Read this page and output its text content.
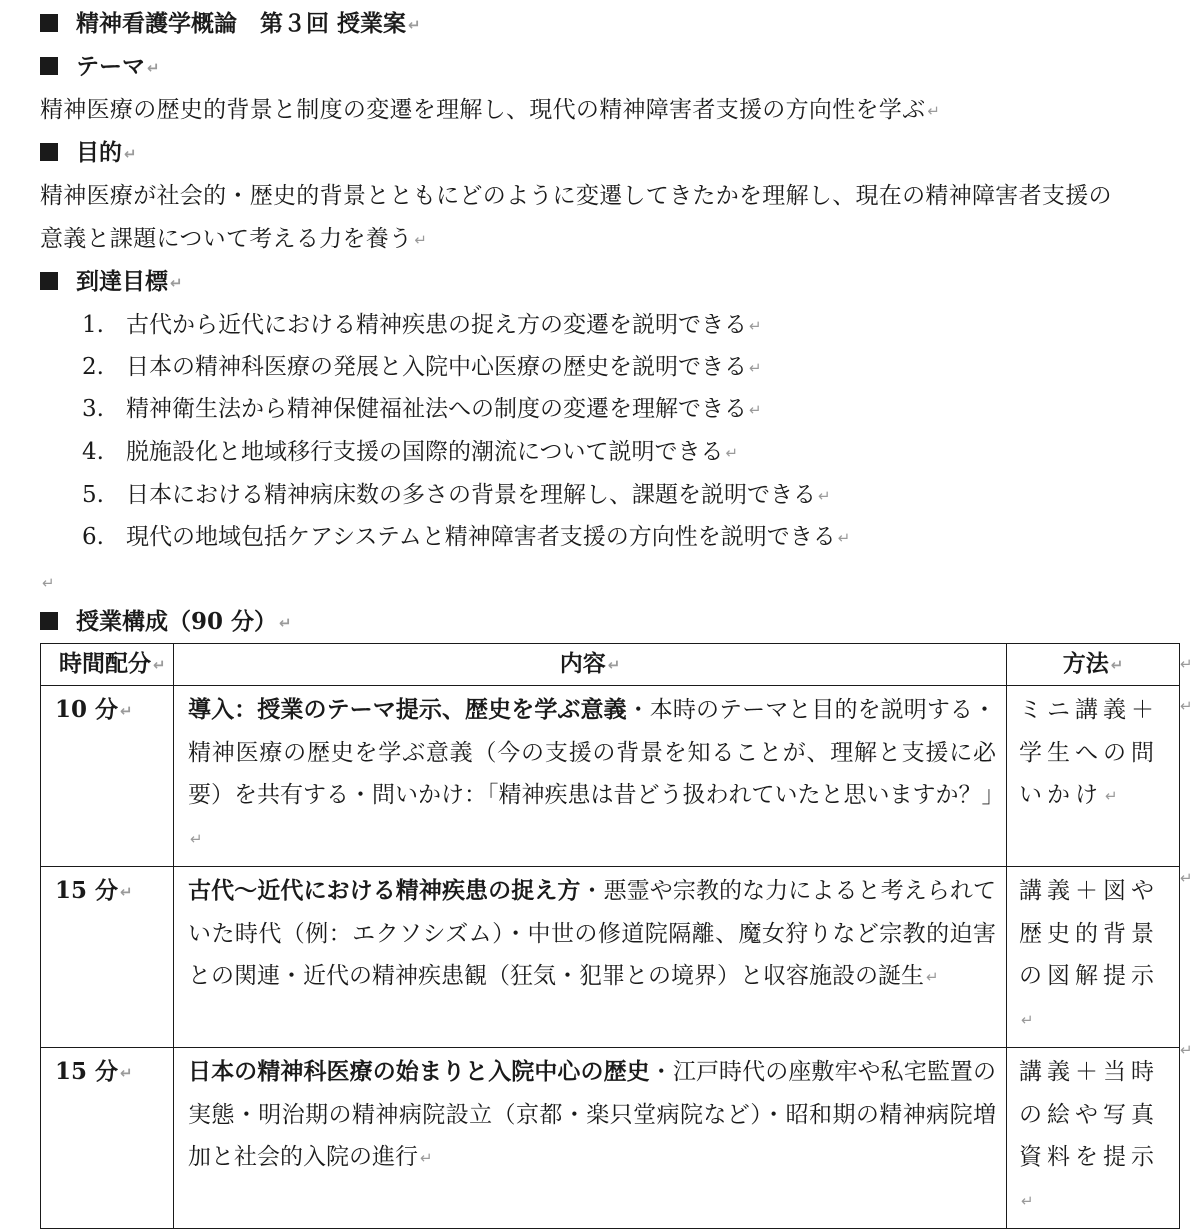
精神看護学概論　第３回 授業案 ↵
テーマ ↵
精神医療の歴史的背景と制度の変遷を理解し、現代の精神障害者支援の方向性を学ぶ ↵
目的 ↵
精神医療が社会的・歴史的背景とともにどのように変遷してきたかを理解し、現在の精神障害者支援の
意義と課題について考える力を養う ↵
到達目標 ↵
1. 古代から近代における精神疾患の捉え方の変遷を説明できる ↵
2. 日本の精神科医療の発展と入院中心医療の歴史を説明できる ↵
3. 精神衛生法から精神保健福祉法への制度の変遷を理解できる ↵
4. 脱施設化と地域移行支援の国際的潮流について説明できる ↵
5. 日本における精神病床数の多さの背景を理解し、課題を説明できる ↵
6. 現代の地域包括ケアシステムと精神障害者支援の方向性を説明できる ↵
↵
授業構成（90 分） ↵
時間配分 ↵	内容 ↵	方法 ↵

10 分 ↵	導入：授業のテーマ提示、歴史を学ぶ意義・本時のテーマと目的を説明する・精神医療の歴史を学ぶ意義（今の支援の背景を知ることが、理解と支援に必要）を共有する・問いかけ：「精神疾患は昔どう扱われていたと思いますか？」↵	ミニ講義＋学生への問いかけ ↵

15 分 ↵	古代〜近代における精神疾患の捉え方・悪霊や宗教的な力によると考えられていた時代（例：エクソシズム）・中世の修道院隔離、魔女狩りなど宗教的迫害との関連・近代の精神疾患観（狂気・犯罪との境界）と収容施設の誕生 ↵	講義＋図や歴史的背景の図解提示↵

15 分 ↵	日本の精神科医療の始まりと入院中心の歴史・江戸時代の座敷牢や私宅監置の実態・明治期の精神病院設立（京都・楽只堂病院など）・昭和期の精神病院増加と社会的入院の進行 ↵	講義＋当時の絵や写真資料を提示↵
↵
↵
↵
↵
